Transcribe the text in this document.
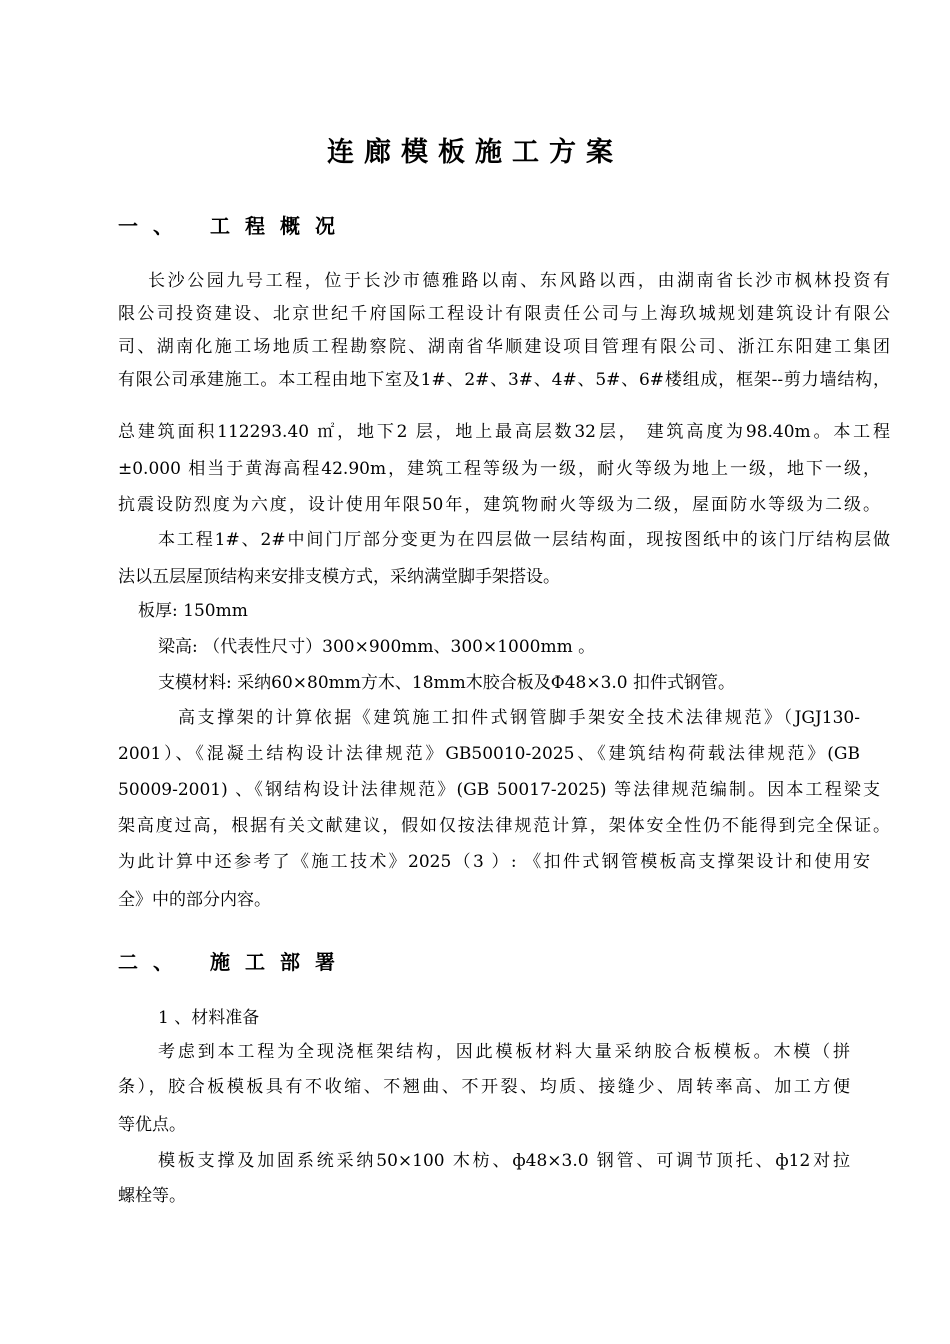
连廊模板施工方案
一、 工程概况
长沙公园九号工程，位于长沙市德雅路以南、东风路以西，由湖南省长沙市枫林投资有
限公司投资建设、北京世纪千府国际工程设计有限责任公司与上海玖城规划建筑设计有限公
司、湖南化施工场地质工程勘察院、湖南省华顺建设项目管理有限公司、浙江东阳建工集团
有限公司承建施工。本工程由地下室及1#、2#、3#、4#、5#、6#楼组成，框架--剪力墙结构，
总建筑面积112293.40 ㎡，地下2 层，地上最高层数32层， 建筑高度为98.40m。本工程
±0.000 相当于黄海高程42.90m，建筑工程等级为一级，耐火等级为地上一级，地下一级，
抗震设防烈度为六度，设计使用年限50年，建筑物耐火等级为二级，屋面防水等级为二级。
本工程1#、2#中间门厅部分变更为在四层做一层结构面，现按图纸中的该门厅结构层做
法以五层屋顶结构来安排支模方式，采纳满堂脚手架搭设。
板厚: 150mm
梁高: （代表性尺寸）300×900mm、300×1000mm 。
支模材料: 采纳60×80mm方木、18mm木胶合板及Φ48×3.0 扣件式钢管。
高支撑架的计算依据《建筑施工扣件式钢管脚手架安全技术法律规范》（JGJ130-
2001）、《混凝土结构设计法律规范》GB50010-2025、《建筑结构荷载法律规范》(GB
50009-2001) 、《钢结构设计法律规范》(GB 50017-2025) 等法律规范编制。因本工程梁支
架高度过高，根据有关文献建议，假如仅按法律规范计算，架体安全性仍不能得到完全保证。
为此计算中还参考了《施工技术》2025（3 ）: 《扣件式钢管模板高支撑架设计和使用安
全》中的部分内容。
二、 施工部署
1 、材料准备
考虑到本工程为全现浇框架结构，因此模板材料大量采纳胶合板模板。木模（拼
条），胶合板模板具有不收缩、不翘曲、不开裂、均质、接缝少、周转率高、加工方便
等优点。
模板支撑及加固系统采纳50×100 木枋、ф48×3.0 钢管、可调节顶托、ф12对拉
螺栓等。
